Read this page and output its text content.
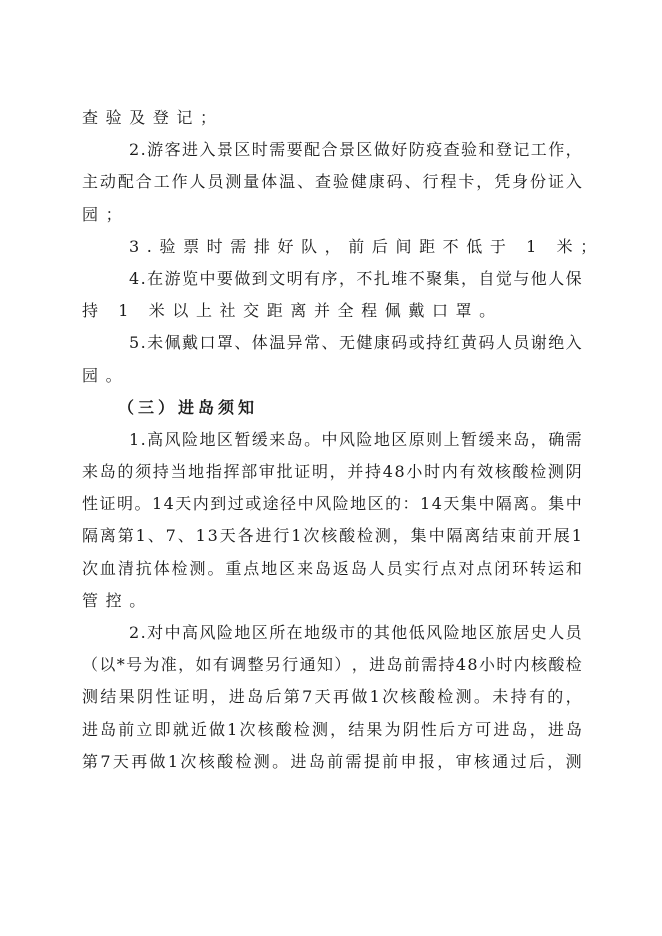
查验及登记；
2 . 游 客 进 入 景 区 时 需 要 配 合 景 区 做 好 防 疫 查 验 和 登 记 工 作 ，
主 动 配 合 工 作 人 员 测 量 体 温 、 查 验 健 康 码 、 行 程 卡 ， 凭 身 份 证 入
园；
3.验票时需排好队，前后间距不低于 1 米；
4 . 在 游 览 中 要 做 到 文 明 有 序 ， 不 扎 堆 不 聚 集 ， 自 觉 与 他 人 保
持 1 米以上社交距离并全程佩戴口罩。
5 . 未 佩 戴 口 罩 、 体 温 异 常 、 无 健 康 码 或 持 红 黄 码 人 员 谢 绝 入
园。
（三）进岛须知
1 . 高 风 险 地 区 暂 缓 来 岛 。 中 风 险 地 区 原 则 上 暂 缓 来 岛 ， 确 需
来 岛 的 须 持 当 地 指 挥 部 审 批 证 明 ， 并 持 4 8 小 时 内 有 效 核 酸 检 测 阴
性 证 明 。 1 4 天 内 到 过 或 途 径 中 风 险 地 区 的 ： 1 4 天 集 中 隔 离 。 集 中
隔 离 第 1 、 7 、 1 3 天 各 进 行 1 次 核 酸 检 测 ， 集 中 隔 离 结 束 前 开 展 1
次 血 清 抗 体 检 测 。 重 点 地 区 来 岛 返 岛 人 员 实 行 点 对 点 闭 环 转 运 和
管控。
2 . 对 中 高 风 险 地 区 所 在 地 级 市 的 其 他 低 风 险 地 区 旅 居 史 人 员
（ 以 * 号 为 准 ， 如 有 调 整 另 行 通 知 ） ， 进 岛 前 需 持 4 8 小 时 内 核 酸 检
测 结 果 阴 性 证 明 ， 进 岛 后 第 7 天 再 做 1 次 核 酸 检 测 。 未 持 有 的 ，
进 岛 前 立 即 就 近 做 1 次 核 酸 检 测 ， 结 果 为 阴 性 后 方 可 进 岛 ， 进 岛
第 7 天 再 做 1 次 核 酸 检 测 。 进 岛 前 需 提 前 申 报 ， 审 核 通 过 后 ， 测
